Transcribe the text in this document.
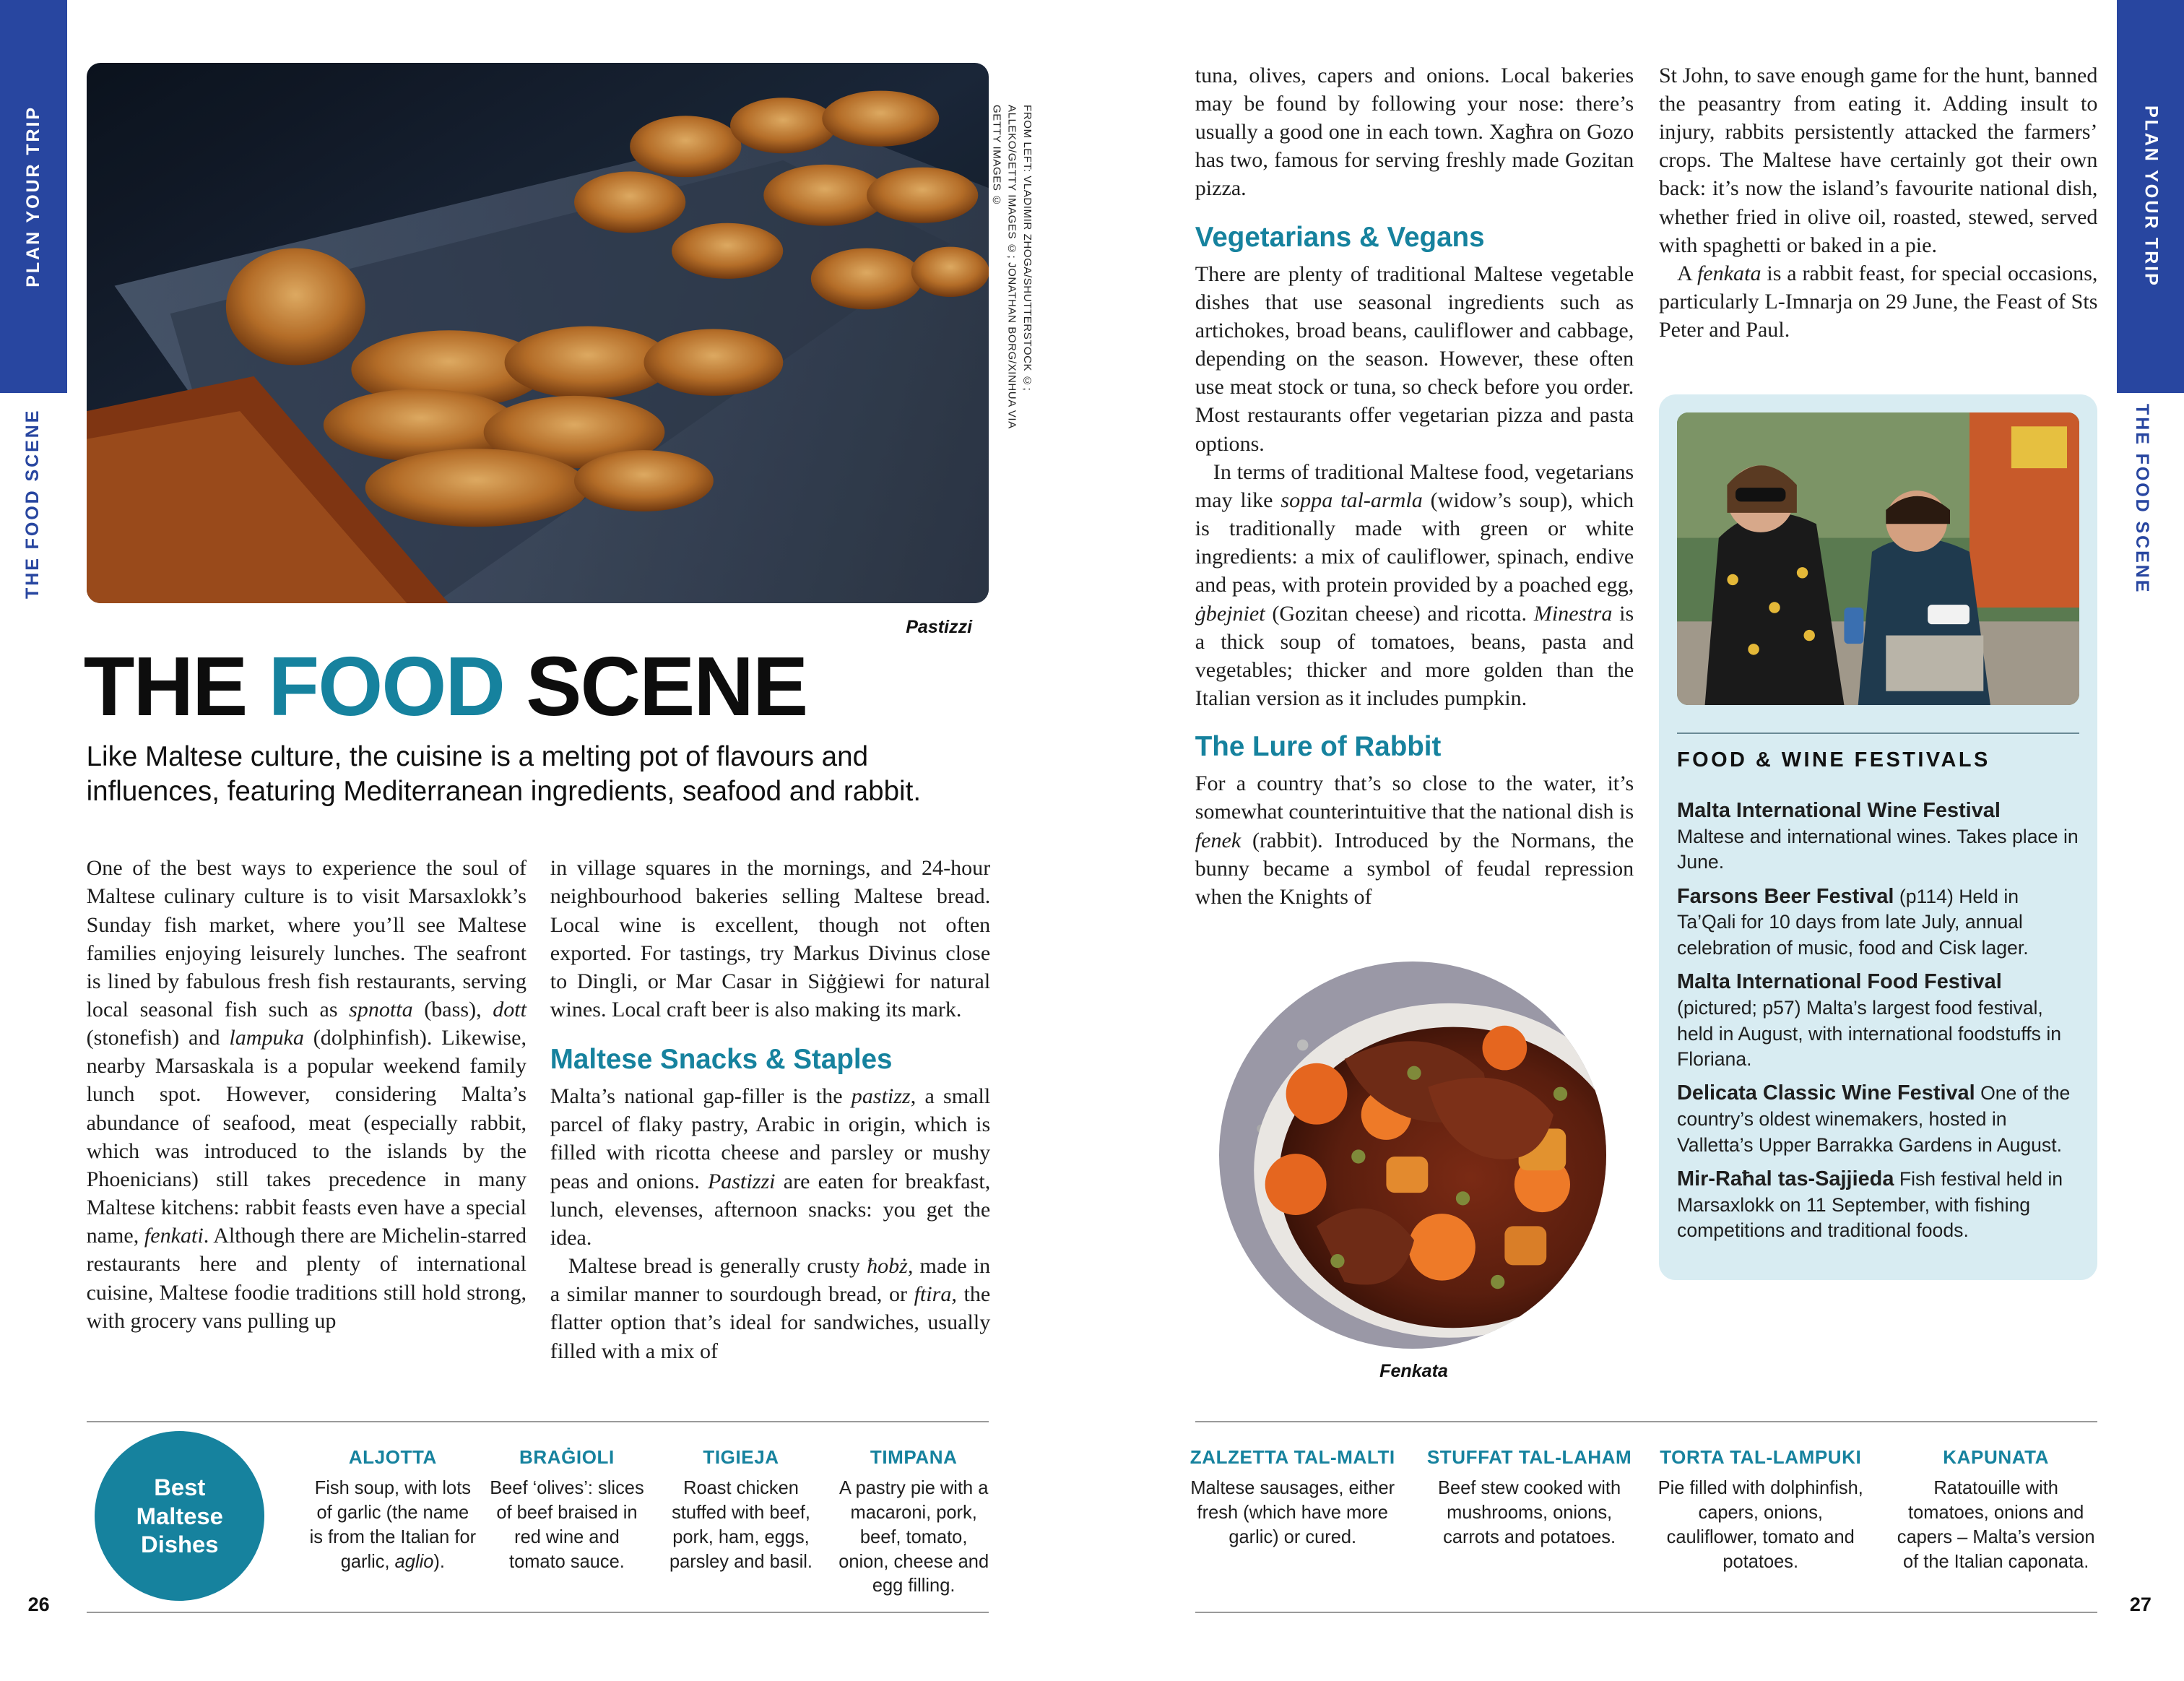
PLAN YOUR TRIP
THE FOOD SCENE
PLAN YOUR TRIP
THE FOOD SCENE
FROM LEFT: VLADIMIR ZHOGA/SHUTTERSTOCK ©; ALLEKO/GETTY IMAGES ©; JONATHAN BORG/XINHUA VIA GETTY IMAGES ©
Pastizzi
THE FOOD SCENE
Like Maltese culture, the cuisine is a melting pot of flavours and influences, featuring Mediterranean ingredients, seafood and rabbit.

One of the best ways to experience the soul of Maltese culinary culture is to visit Marsaxlokk’s Sunday fish market, where you’ll see Maltese families enjoying leisurely lunches. The seafront is lined by fabulous fresh fish restaurants, serving local seasonal fish such as spnotta (bass), dott (stonefish) and lampuka (dolphinfish). Likewise, nearby Marsaskala is a popular weekend family lunch spot. However, considering Malta’s abundance of seafood, meat (especially rabbit, which was introduced to the islands by the Phoenicians) still takes precedence in many Maltese kitchens: rabbit feasts even have a special name, fenkati. Although there are Michelin-starred restaurants here and plenty of international cuisine, Maltese foodie traditions still hold strong, with grocery vans pulling up

in village squares in the mornings, and 24-hour neighbourhood bakeries selling Maltese bread. Local wine is excellent, though not often exported. For tastings, try Markus Divinus close to Dingli, or Mar Casar in Siġġiewi for natural wines. Local craft beer is also making its mark.

Maltese Snacks & Staples

Malta’s national gap-filler is the pastizz, a small parcel of flaky pastry, Arabic in origin, which is filled with ricotta cheese and parsley or mushy peas and onions. Pastizzi are eaten for breakfast, lunch, elevenses, afternoon snacks: you get the idea.

Maltese bread is generally crusty ħobż, made in a similar manner to sourdough bread, or ftira, the flatter option that’s ideal for sandwiches, usually filled with a mix of

tuna, olives, capers and onions. Local bakeries may be found by following your nose: there’s usually a good one in each town. Xagħra on Gozo has two, famous for serving freshly made Gozitan pizza.

Vegetarians & Vegans

There are plenty of traditional Maltese vegetable dishes that use seasonal ingredients such as artichokes, broad beans, cauliflower and cabbage, depending on the season. However, these often use meat stock or tuna, so check before you order. Most restaurants offer vegetarian pizza and pasta options.

In terms of traditional Maltese food, vegetarians may like soppa tal-armla (widow’s soup), which is traditionally made with green or white ingredients: a mix of cauliflower, spinach, endive and peas, with protein provided by a poached egg, ġbejniet (Gozitan cheese) and ricotta. Minestra is a thick soup of tomatoes, beans, pasta and vegetables; thicker and more golden than the Italian version as it includes pumpkin.

The Lure of Rabbit

For a country that’s so close to the water, it’s somewhat counterintuitive that the national dish is fenek (rabbit). Introduced by the Normans, the bunny became a symbol of feudal repression when the Knights of

St John, to save enough game for the hunt, banned the peasantry from eating it. Adding insult to injury, rabbits persistently attacked the farmers’ crops. The Maltese have certainly got their own back: it’s now the island’s favourite national dish, whether fried in olive oil, roasted, stewed, served with spaghetti or baked in a pie.

A fenkata is a rabbit feast, for special occasions, particularly L-Imnarja on 29 June, the Feast of Sts Peter and Paul.

Fenkata
FOOD & WINE FESTIVALS

Malta International Wine Festival
Maltese and international wines. Takes place in June.

Farsons Beer Festival (p114) Held in Ta’Qali for 10 days from late July, annual celebration of music, food and Cisk lager.

Malta International Food Festival
(pictured; p57) Malta’s largest food festival, held in August, with international foodstuffs in Floriana.

Delicata Classic Wine Festival One of the country’s oldest winemakers, hosted in Valletta’s Upper Barrakka Gardens in August.

Mir-Raħal tas-Sajjieda Fish festival held in Marsaxlokk on 11 September, with fishing competitions and traditional foods.

Best
Maltese
Dishes
ALJOTTA
Fish soup, with lots of garlic (the name is from the Italian for garlic, aglio).
BRAĠIOLI
Beef ‘olives’: slices of beef braised in red wine and tomato sauce.
TIGIEJA
Roast chicken stuffed with beef, pork, ham, eggs, parsley and basil.
TIMPANA
A pastry pie with a macaroni, pork, beef, tomato, onion, cheese and egg filling.
ZALZETTA TAL-MALTI
Maltese sausages, either fresh (which have more garlic) or cured.
STUFFAT TAL-LAHAM
Beef stew cooked with mushrooms, onions, carrots and potatoes.
TORTA TAL-LAMPUKI
Pie filled with dolphinfish, capers, onions, cauliflower, tomato and potatoes.
KAPUNATA
Ratatouille with tomatoes, onions and capers – Malta’s version of the Italian caponata.
26	27
